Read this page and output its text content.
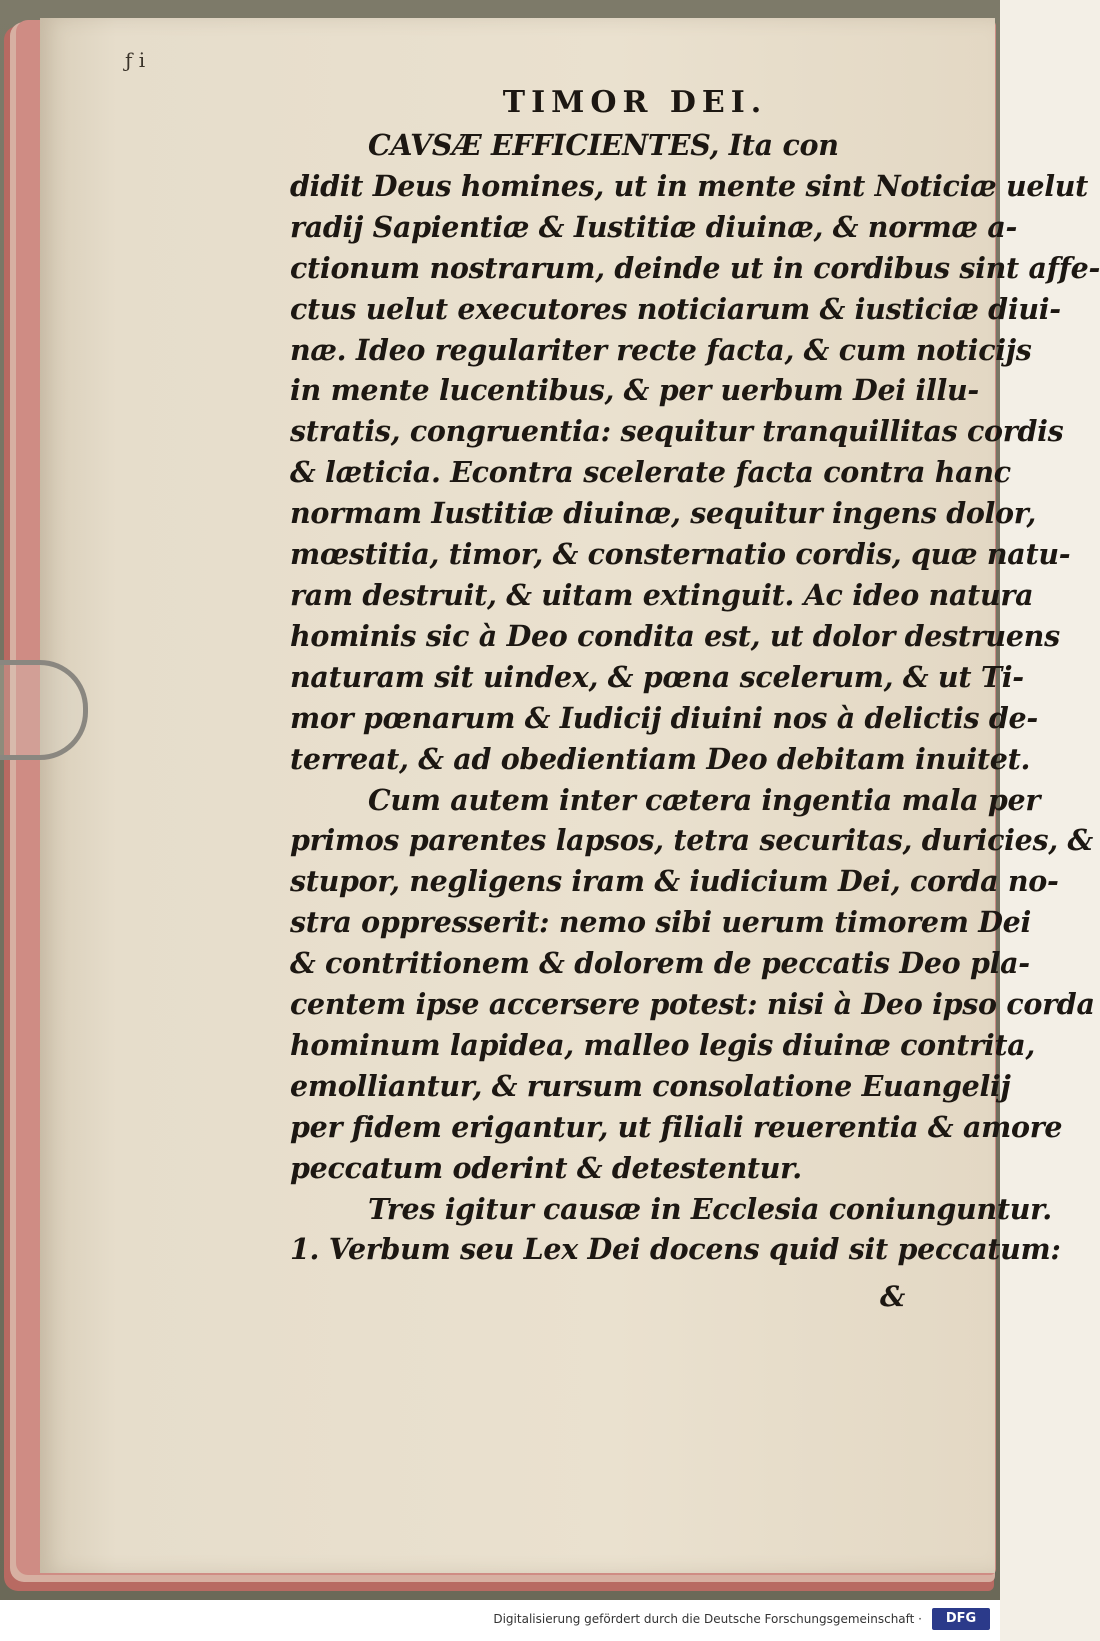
ƒ i
TIMOR DEI.
CAVSÆ EFFICIENTES, Ita con
didit Deus homines, ut in mente sint Noticiæ uelut
radij Sapientiæ & Iustitiæ diuinæ, & normæ a-
ctionum nostrarum, deinde ut in cordibus sint affe-
ctus uelut executores noticiarum & iusticiæ diui-
næ. Ideo regulariter recte facta, & cum noticijs
in mente lucentibus, & per uerbum Dei illu-
stratis, congruentia: sequitur tranquillitas cordis
& læticia. Econtra scelerate facta contra hanc
normam Iustitiæ diuinæ, sequitur ingens dolor,
mœstitia, timor, & consternatio cordis, quæ natu-
ram destruit, & uitam extinguit. Ac ideo natura
hominis sic à Deo condita est, ut dolor destruens
naturam sit uindex, & pœna scelerum, & ut Ti-
mor pœnarum & Iudicij diuini nos à delictis de-
terreat, & ad obedientiam Deo debitam inuitet.
Cum autem inter cætera ingentia mala per
primos parentes lapsos, tetra securitas, duricies, &
stupor, negligens iram & iudicium Dei, corda no-
stra oppresserit: nemo sibi uerum timorem Dei
& contritionem & dolorem de peccatis Deo pla-
centem ipse accersere potest: nisi à Deo ipso corda
hominum lapidea, malleo legis diuinæ contrita,
emolliantur, & rursum consolatione Euangelij
per fidem erigantur, ut filiali reuerentia & amore
peccatum oderint & detestentur.
Tres igitur causæ in Ecclesia coniunguntur.
1. Verbum seu Lex Dei docens quid sit peccatum:
&
Digitalisierung gefördert durch die Deutsche Forschungsgemeinschaft ·	DFG
